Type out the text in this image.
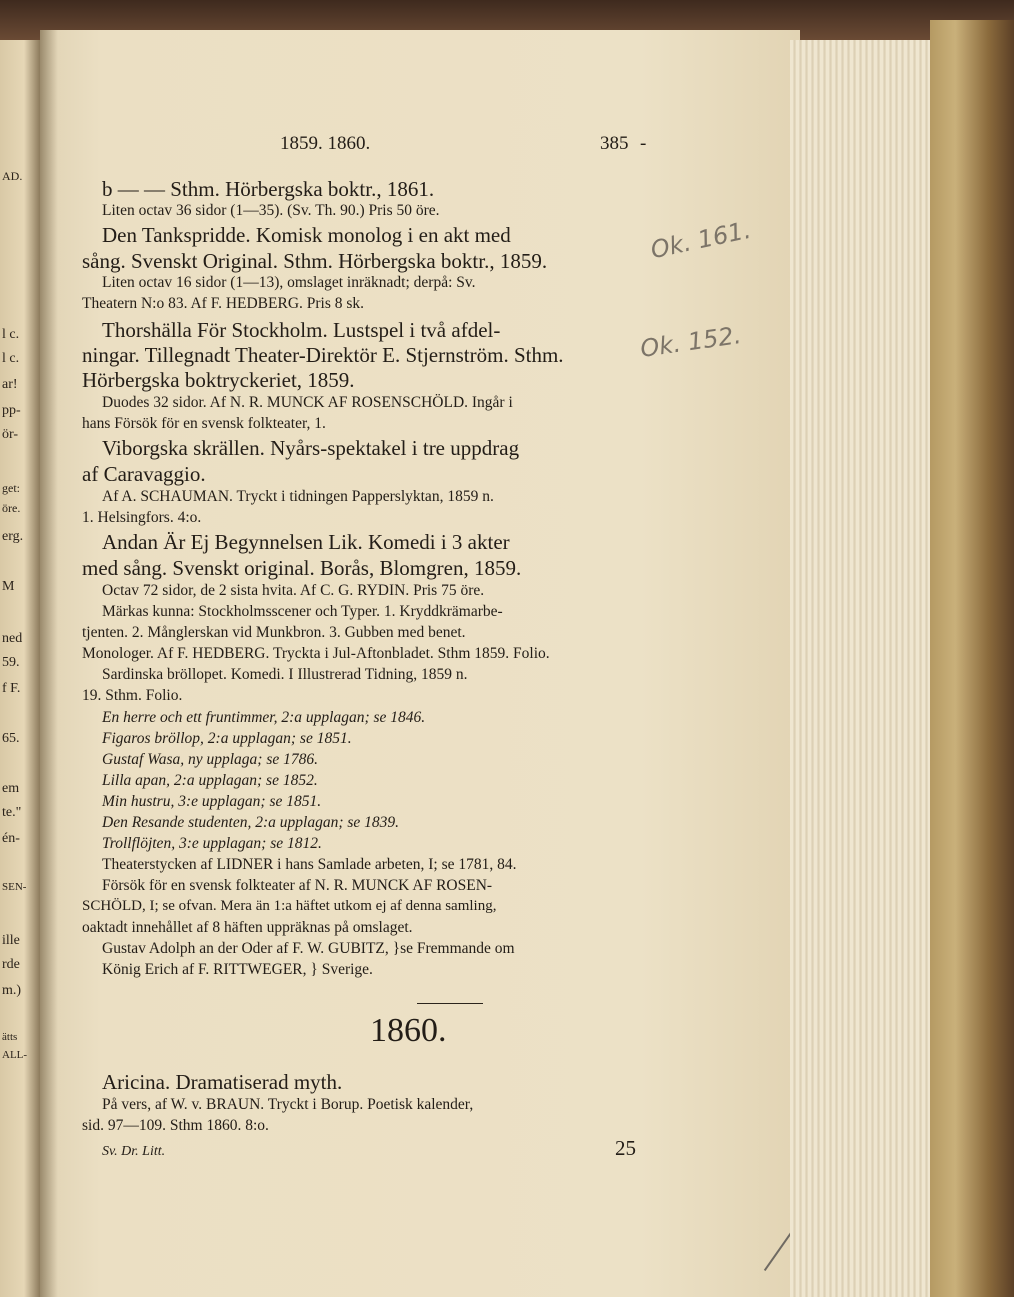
AD.
l c.
l c.
ar!
pp-
ör-
get:
öre.
erg.
M
ned
59.
f F.
65.
em
te."
én-
SEN-
ille
rde
m.)
ätts
ALL-
1859. 1860.	385 -
b — — Sthm. Hörbergska boktr., 1861.
Liten octav 36 sidor (1—35). (Sv. Th. 90.) Pris 50 öre.
Den Tankspridde. Komisk monolog i en akt med
sång. Svenskt Original. Sthm. Hörbergska boktr., 1859.
Liten octav 16 sidor (1—13), omslaget inräknadt; derpå: Sv.
Theatern N:o 83. Af F. HEDBERG. Pris 8 sk.
Thorshälla För Stockholm. Lustspel i två afdel-
ningar. Tillegnadt Theater-Direktör E. Stjernström. Sthm.
Hörbergska boktryckeriet, 1859.
Duodes 32 sidor. Af N. R. MUNCK AF ROSENSCHÖLD. Ingår i
hans Försök för en svensk folkteater, 1.
Viborgska skrällen. Nyårs-spektakel i tre uppdrag
af Caravaggio.
Af A. SCHAUMAN. Tryckt i tidningen Papperslyktan, 1859 n.
1. Helsingfors. 4:o.
Andan Är Ej Begynnelsen Lik. Komedi i 3 akter
med sång. Svenskt original. Borås, Blomgren, 1859.
Octav 72 sidor, de 2 sista hvita. Af C. G. RYDIN. Pris 75 öre.
Märkas kunna: Stockholmsscener och Typer. 1. Kryddkrämarbe-
tjenten. 2. Månglerskan vid Munkbron. 3. Gubben med benet.
Monologer. Af F. HEDBERG. Tryckta i Jul-Aftonbladet. Sthm 1859. Folio.
Sardinska bröllopet. Komedi. I Illustrerad Tidning, 1859 n.
19. Sthm. Folio.
En herre och ett fruntimmer, 2:a upplagan; se 1846.
Figaros bröllop, 2:a upplagan; se 1851.
Gustaf Wasa, ny upplaga; se 1786.
Lilla apan, 2:a upplagan; se 1852.
Min hustru, 3:e upplagan; se 1851.
Den Resande studenten, 2:a upplagan; se 1839.
Trollflöjten, 3:e upplagan; se 1812.
Theaterstycken af LIDNER i hans Samlade arbeten, I; se 1781, 84.
Försök för en svensk folkteater af N. R. MUNCK AF ROSEN-
SCHÖLD, I; se ofvan. Mera än 1:a häftet utkom ej af denna samling,
oaktadt innehållet af 8 häften uppräknas på omslaget.
Gustav Adolph an der Oder af F. W. GUBITZ, }se Fremmande om
König Erich af F. RITTWEGER, } Sverige.
1860.
Aricina. Dramatiserad myth.
På vers, af W. v. BRAUN. Tryckt i Borup. Poetisk kalender,
sid. 97—109. Sthm 1860. 8:o.
Sv. Dr. Litt.	25
Ok. 161.
Ok. 152.
